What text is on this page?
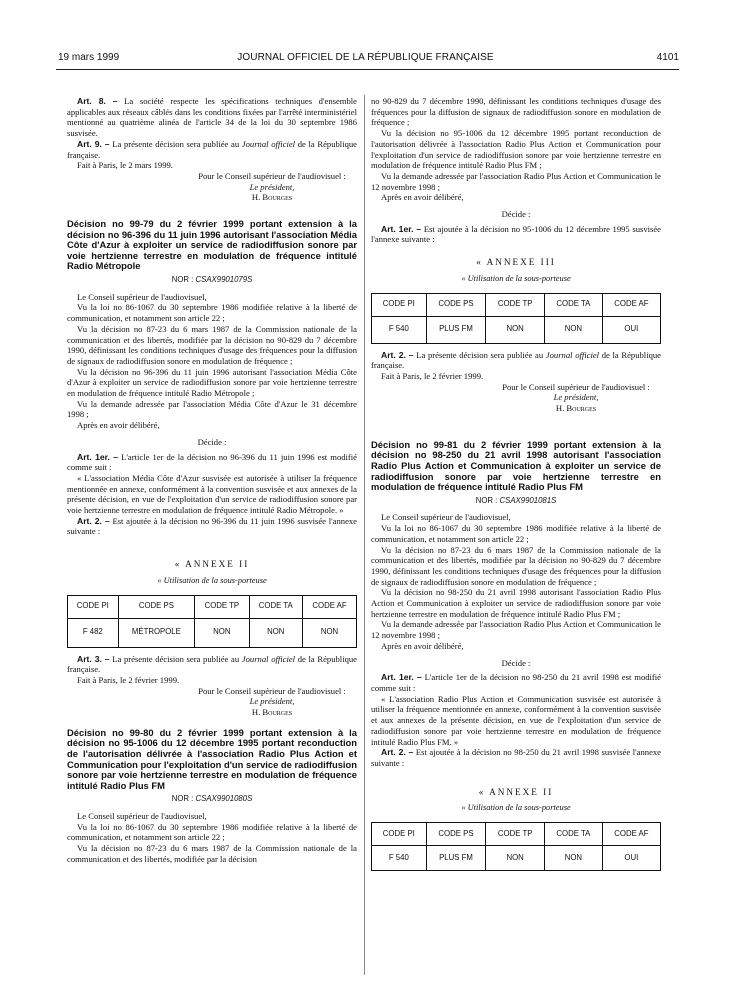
19 mars 1999	JOURNAL OFFICIEL DE LA RÉPUBLIQUE FRANÇAISE	4101

Art. 8. – La société respecte les spécifications techniques d'ensemble applicables aux réseaux câblés dans les conditions fixées par l'arrêté interministériel mentionné au quatrième alinéa de l'article 34 de la loi du 30 septembre 1986 susvisée.

Art. 9. – La présente décision sera publiée au Journal officiel de la République française.

Fait à Paris, le 2 mars 1999.

Pour le Conseil supérieur de l'audiovisuel :
Le président,
H. Bourges
Décision no 99-79 du 2 février 1999 portant extension à la décision no 96-396 du 11 juin 1996 autorisant l'association Média Côte d'Azur à exploiter un service de radiodiffusion sonore par voie hertzienne terrestre en modulation de fréquence intitulé Radio Métropole
NOR : CSAX9901079S

Le Conseil supérieur de l'audiovisuel,

Vu la loi no 86-1067 du 30 septembre 1986 modifiée relative à la liberté de communication, et notamment son article 22 ;

Vu la décision no 87-23 du 6 mars 1987 de la Commission nationale de la communication et des libertés, modifiée par la décision no 90-829 du 7 décembre 1990, définissant les conditions techniques d'usage des fréquences pour la diffusion de signaux de radiodiffusion sonore en modulation de fréquence ;

Vu la décision no 96-396 du 11 juin 1996 autorisant l'association Média Côte d'Azur à exploiter un service de radiodiffusion sonore par voie hertzienne terrestre en modulation de fréquence intitulé Radio Métropole ;

Vu la demande adressée par l'association Média Côte d'Azur le 31 décembre 1998 ;

Après en avoir délibéré,

Décide :

Art. 1er. – L'article 1er de la décision no 96-396 du 11 juin 1996 est modifié comme suit :

« L'association Média Côte d'Azur susvisée est autorisée à utiliser la fréquence mentionnée en annexe, conformément à la convention susvisée et aux annexes de la présente décision, en vue de l'exploitation d'un service de radiodiffusion sonore par voie hertzienne terrestre en modulation de fréquence intitulé Radio Métropole. »

Art. 2. – Est ajoutée à la décision no 96-396 du 11 juin 1996 susvisée l'annexe suivante :

« ANNEXE II
« Utilisation de la sous-porteuse
CODE PI	CODE PS	CODE TP	CODE TA	CODE AF
F 482	MÉTROPOLE	NON	NON	NON

Art. 3. – La présente décision sera publiée au Journal officiel de la République française.

Fait à Paris, le 2 février 1999.

Pour le Conseil supérieur de l'audiovisuel :
Le président,
H. Bourges
Décision no 99-80 du 2 février 1999 portant extension à la décision no 95-1006 du 12 décembre 1995 portant reconduction de l'autorisation délivrée à l'association Radio Plus Action et Communication pour l'exploitation d'un service de radiodiffusion sonore par voie hertzienne terrestre en modulation de fréquence intitulé Radio Plus FM
NOR : CSAX9901080S

Le Conseil supérieur de l'audiovisuel,

Vu la loi no 86-1067 du 30 septembre 1986 modifiée relative à la liberté de communication, et notamment son article 22 ;

Vu la décision no 87-23 du 6 mars 1987 de la Commission nationale de la communication et des libertés, modifiée par la décision

no 90-829 du 7 décembre 1990, définissant les conditions techniques d'usage des fréquences pour la diffusion de signaux de radiodiffusion sonore en modulation de fréquence ;

Vu la décision no 95-1006 du 12 décembre 1995 portant reconduction de l'autorisation délivrée à l'association Radio Plus Action et Communication pour l'exploitation d'un service de radiodiffusion sonore par voie hertzienne terrestre en modulation de fréquence intitulé Radio Plus FM ;

Vu la demande adressée par l'association Radio Plus Action et Communication le 12 novembre 1998 ;

Après en avoir délibéré,

Décide :

Art. 1er. – Est ajoutée à la décision no 95-1006 du 12 décembre 1995 susvisée l'annexe suivante :

« ANNEXE III
« Utilisation de la sous-porteuse
CODE PI	CODE PS	CODE TP	CODE TA	CODE AF
F 540	PLUS FM	NON	NON	OUI

Art. 2. – La présente décision sera publiée au Journal officiel de la République française.

Fait à Paris, le 2 février 1999.

Pour le Conseil supérieur de l'audiovisuel :
Le président,
H. Bourges
Décision no 99-81 du 2 février 1999 portant extension à la décision no 98-250 du 21 avril 1998 autorisant l'association Radio Plus Action et Communication à exploiter un service de radiodiffusion sonore par voie hertzienne terrestre en modulation de fréquence intitulé Radio Plus FM
NOR : CSAX9901081S

Le Conseil supérieur de l'audiovisuel,

Vu la loi no 86-1067 du 30 septembre 1986 modifiée relative à la liberté de communication, et notamment son article 22 ;

Vu la décision no 87-23 du 6 mars 1987 de la Commission nationale de la communication et des libertés, modifiée par la décision no 90-829 du 7 décembre 1990, définissant les conditions techniques d'usage des fréquences pour la diffusion de signaux de radiodiffusion sonore en modulation de fréquence ;

Vu la décision no 98-250 du 21 avril 1998 autorisant l'association Radio Plus Action et Communication à exploiter un service de radiodiffusion sonore par voie hertzienne terrestre en modulation de fréquence intitulé Radio Plus FM ;

Vu la demande adressée par l'association Radio Plus Action et Communication le 12 novembre 1998 ;

Après en avoir délibéré,

Décide :

Art. 1er. – L'article 1er de la décision no 98-250 du 21 avril 1998 est modifié comme suit :

« L'association Radio Plus Action et Communication susvisée est autorisée à utiliser la fréquence mentionnée en annexe, conformément à la convention susvisée et aux annexes de la présente décision, en vue de l'exploitation d'un service de radiodiffusion sonore par voie hertzienne terrestre en modulation de fréquence intitulé Radio Plus FM. »

Art. 2. – Est ajoutée à la décision no 98-250 du 21 avril 1998 susvisée l'annexe suivante :

« ANNEXE II
« Utilisation de la sous-porteuse
CODE PI	CODE PS	CODE TP	CODE TA	CODE AF
F 540	PLUS FM	NON	NON	OUI
